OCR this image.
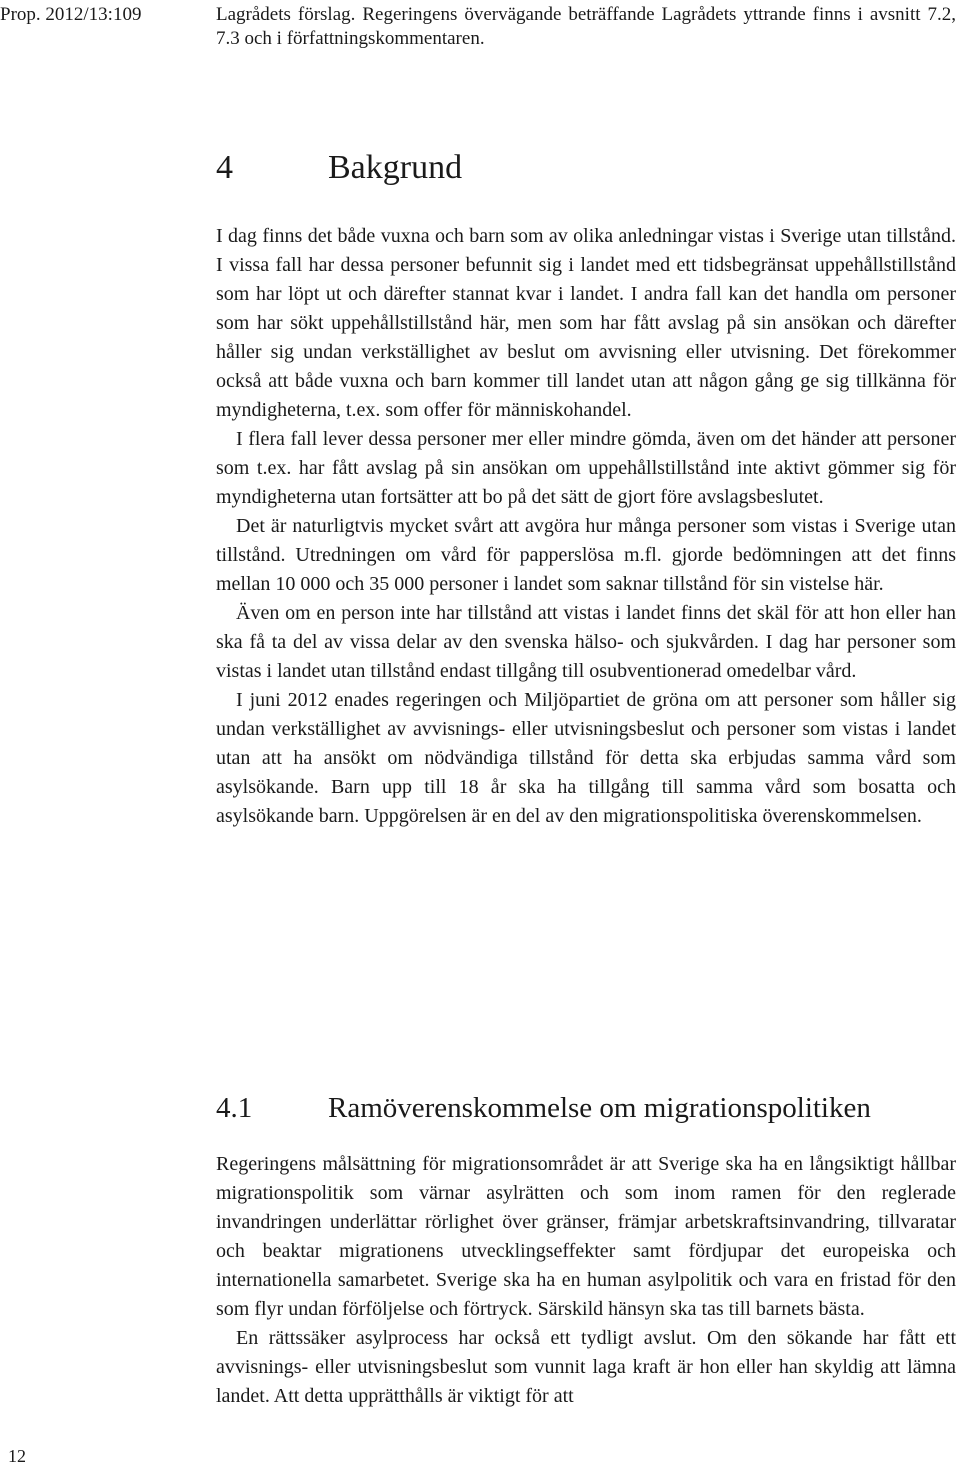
Prop. 2012/13:109	Lagrådets förslag. Regeringens övervägande beträffande Lagrådets yttrande finns i avsnitt 7.2, 7.3 och i författningskommentaren.
4	Bakgrund

I dag finns det både vuxna och barn som av olika anledningar vistas i Sverige utan tillstånd. I vissa fall har dessa personer befunnit sig i landet med ett tidsbegränsat uppehållstillstånd som har löpt ut och därefter stannat kvar i landet. I andra fall kan det handla om personer som har sökt uppehållstillstånd här, men som har fått avslag på sin ansökan och därefter håller sig undan verkställighet av beslut om avvisning eller utvisning. Det förekommer också att både vuxna och barn kommer till landet utan att någon gång ge sig tillkänna för myndigheterna, t.ex. som offer för människohandel.

I flera fall lever dessa personer mer eller mindre gömda, även om det händer att personer som t.ex. har fått avslag på sin ansökan om uppehållstillstånd inte aktivt gömmer sig för myndigheterna utan fortsätter att bo på det sätt de gjort före avslagsbeslutet.

Det är naturligtvis mycket svårt att avgöra hur många personer som vistas i Sverige utan tillstånd. Utredningen om vård för papperslösa m.fl. gjorde bedömningen att det finns mellan 10 000 och 35 000 personer i landet som saknar tillstånd för sin vistelse här.

Även om en person inte har tillstånd att vistas i landet finns det skäl för att hon eller han ska få ta del av vissa delar av den svenska hälso- och sjukvården. I dag har personer som vistas i landet utan tillstånd endast tillgång till osubventionerad omedelbar vård.

I juni 2012 enades regeringen och Miljöpartiet de gröna om att personer som håller sig undan verkställighet av avvisnings- eller utvisningsbeslut och personer som vistas i landet utan att ha ansökt om nödvändiga tillstånd för detta ska erbjudas samma vård som asylsökande. Barn upp till 18 år ska ha tillgång till samma vård som bosatta och asylsökande barn. Uppgörelsen är en del av den migrationspolitiska överenskommelsen.

4.1	Ramöverenskommelse om migrationspolitiken

Regeringens målsättning för migrationsområdet är att Sverige ska ha en långsiktigt hållbar migrationspolitik som värnar asylrätten och som inom ramen för den reglerade invandringen underlättar rörlighet över gränser, främjar arbetskraftsinvandring, tillvaratar och beaktar migrationens utvecklingseffekter samt fördjupar det europeiska och internationella samarbetet. Sverige ska ha en human asylpolitik och vara en fristad för den som flyr undan förföljelse och förtryck. Särskild hänsyn ska tas till barnets bästa.

En rättssäker asylprocess har också ett tydligt avslut. Om den sökande har fått ett avvisnings- eller utvisningsbeslut som vunnit laga kraft är hon eller han skyldig att lämna landet. Att detta upprätthålls är viktigt för att

12
